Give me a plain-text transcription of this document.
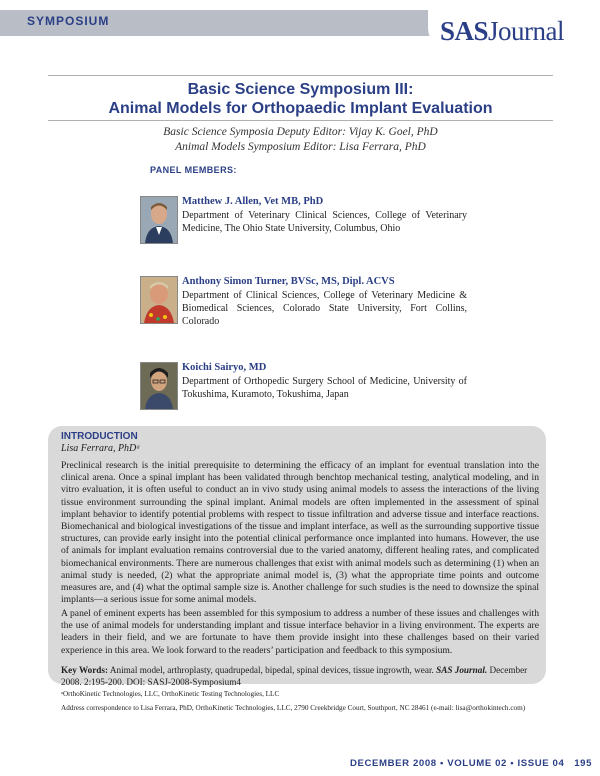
SYMPOSIUM	SASJournal
Basic Science Symposium III:
Animal Models for Orthopaedic Implant Evaluation
Basic Science Symposia Deputy Editor: Vijay K. Goel, PhD
Animal Models Symposium Editor: Lisa Ferrara, PhD
PANEL MEMBERS:
Matthew J. Allen, Vet MB, PhD
Department of Veterinary Clinical Sciences, College of Veterinary Medicine, The Ohio State University, Columbus, Ohio
Anthony Simon Turner, BVSc, MS, Dipl. ACVS
Department of Clinical Sciences, College of Veterinary Medicine & Biomedical Sciences, Colorado State University, Fort Collins, Colorado
Koichi Sairyo, MD
Department of Orthopedic Surgery School of Medicine, University of Tokushima, Kuramoto, Tokushima, Japan
INTRODUCTION
Lisa Ferrara, PhDᵃ

Preclinical research is the initial prerequisite to determining the efficacy of an implant for eventual translation into the clinical arena. Once a spinal implant has been validated through benchtop mechanical testing, analytical modeling, and in vitro evaluation, it is often useful to conduct an in vivo study using animal models to assess the interactions of the living tissue environment surrounding the spinal implant. Animal models are often implemented in the assessment of spinal implant behavior to identify potential problems with respect to tissue infiltration and adverse tissue and interface reactions. Biomechanical and biological investigations of the tissue and implant interface, as well as the surrounding supportive tissue structures, can provide early insight into the potential clinical performance once implanted into humans. However, the use of animals for implant evaluation remains controversial due to the varied anatomy, different healing rates, and complicated biomechanical environments. There are numerous challenges that exist with animal models such as determining (1) when an animal study is needed, (2) what the appropriate animal model is, (3) what the appropriate time points and outcome measures are, and (4) what the optimal sample size is. Another challenge for such studies is the need to downsize the spinal implants—a serious issue for some animal models.

A panel of eminent experts has been assembled for this symposium to address a number of these issues and challenges with the use of animal models for understanding implant and tissue interface behavior in a living environment. The experts are leaders in their field, and we are fortunate to have them provide insight into these challenges based on their varied experience in this area. We look forward to the readers’ participation and feedback to this symposium.

Key Words: Animal model, arthroplasty, quadrupedal, bipedal, spinal devices, tissue ingrowth, wear. SAS Journal. December 2008. 2:195-200. DOI: SASJ-2008-Symposium4
ᵃOrthoKinetic Technologies, LLC, OrthoKinetic Testing Technologies, LLC
Address correspondence to Lisa Ferrara, PhD, OrthoKinetic Technologies, LLC, 2790 Creekbridge Court, Southport, NC 28461 (e-mail: lisa@orthokintech.com)
DECEMBER 2008 • VOLUME 02 • ISSUE 04 195
